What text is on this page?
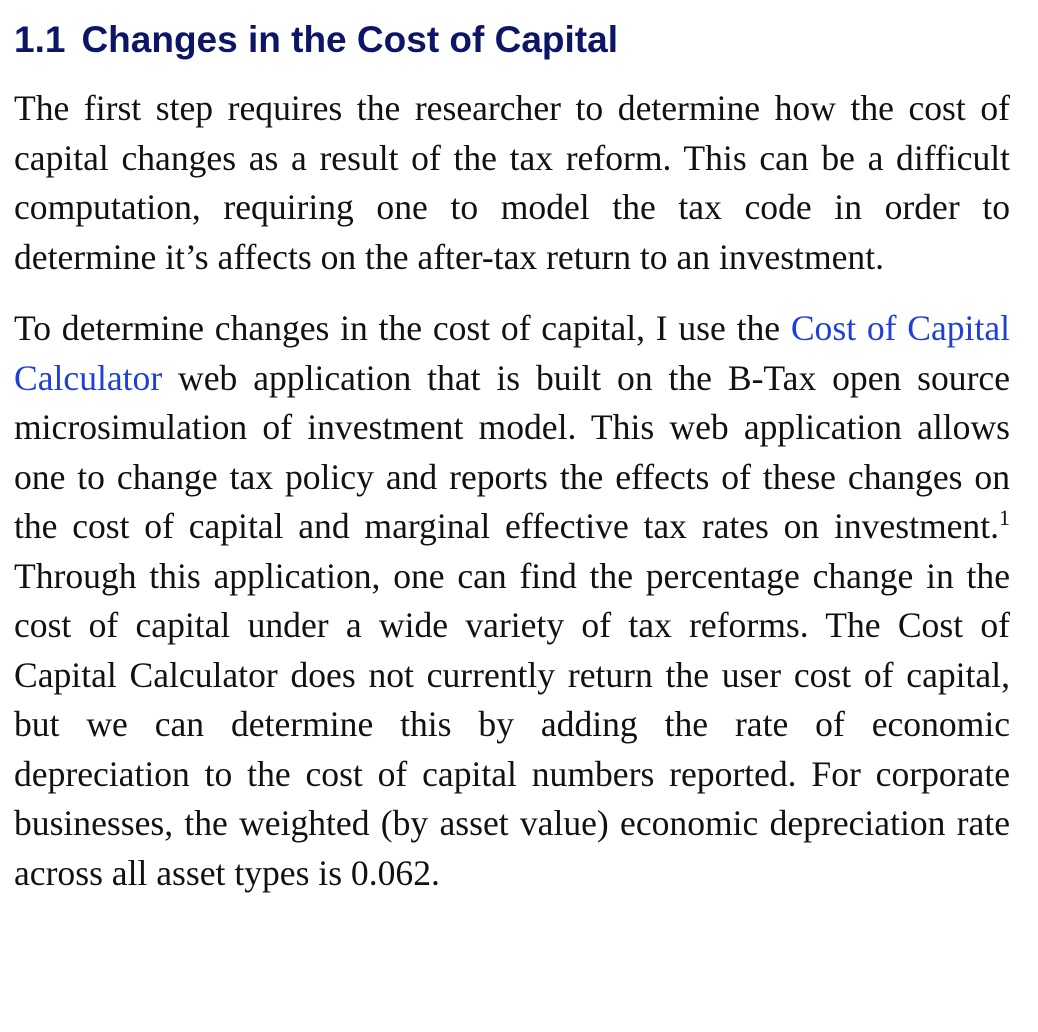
1.1 Changes in the Cost of Capital

The first step requires the researcher to determine how the cost of capital changes as a result of the tax reform. This can be a difficult computation, requiring one to model the tax code in order to determine it’s affects on the after-tax return to an investment.

To determine changes in the cost of capital, I use the Cost of Capital Calculator web application that is built on the B-Tax open source microsimulation of investment model. This web application allows one to change tax policy and reports the effects of these changes on the cost of capital and marginal effective tax rates on investment.$^1$ Through this application, one can find the percentage change in the cost of capital under a wide variety of tax reforms. The Cost of Capital Calculator does not currently return the user cost of capital, but we can determine this by adding the rate of economic depreciation to the cost of capital numbers reported. For corporate businesses, the weighted (by asset value) economic depreciation rate across all asset types is 0.062.
